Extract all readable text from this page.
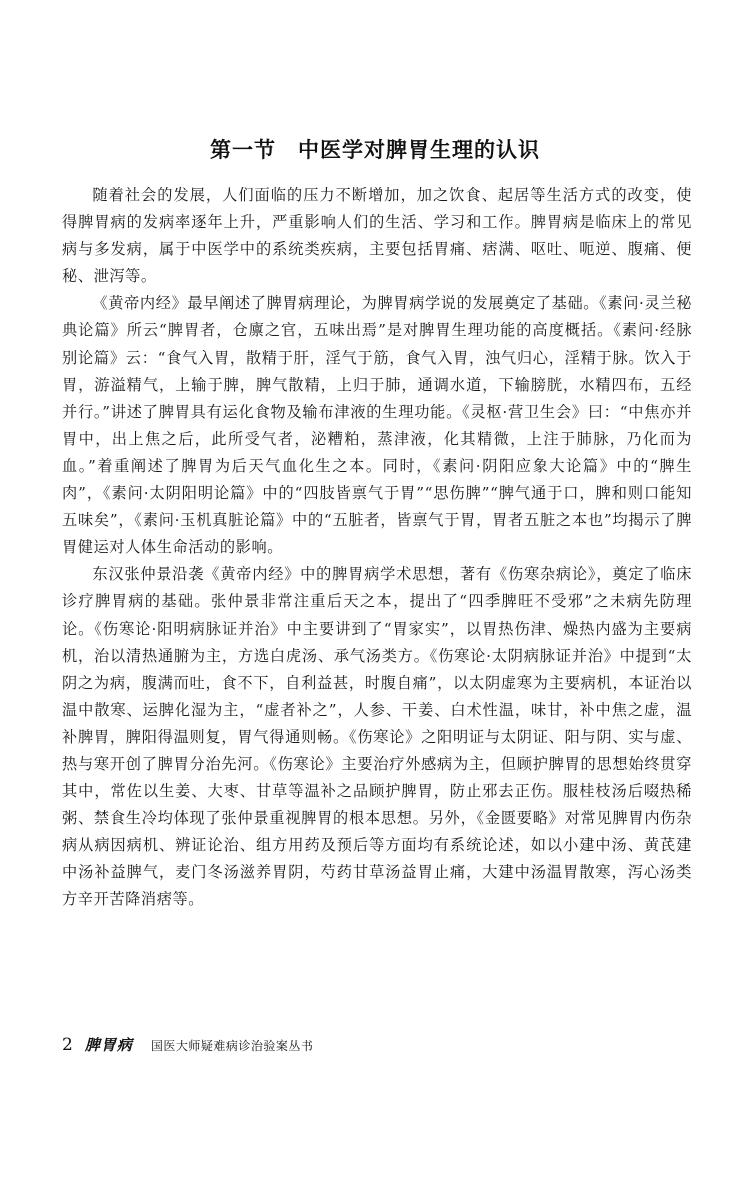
第一节 中医学对脾胃生理的认识

随着社会的发展，人们面临的压力不断增加，加之饮食、起居等生活方式的改变，使得脾胃病的发病率逐年上升，严重影响人们的生活、学习和工作。脾胃病是临床上的常见病与多发病，属于中医学中的系统类疾病，主要包括胃痛、痞满、呕吐、呃逆、腹痛、便秘、泄泻等。

《黄帝内经》最早阐述了脾胃病理论，为脾胃病学说的发展奠定了基础。《素问·灵兰秘典论篇》所云“脾胃者，仓廪之官，五味出焉”是对脾胃生理功能的高度概括。《素问·经脉别论篇》云：“食气入胃，散精于肝，淫气于筋，食气入胃，浊气归心，淫精于脉。饮入于胃，游溢精气，上输于脾，脾气散精，上归于肺，通调水道，下输膀胱，水精四布，五经并行。”讲述了脾胃具有运化食物及输布津液的生理功能。《灵枢·营卫生会》曰：“中焦亦并胃中，出上焦之后，此所受气者，泌糟粕，蒸津液，化其精微，上注于肺脉，乃化而为血。”着重阐述了脾胃为后天气血化生之本。同时，《素问·阴阳应象大论篇》中的“脾生肉”，《素问·太阴阳明论篇》中的“四肢皆禀气于胃”“思伤脾”“脾气通于口，脾和则口能知五味矣”，《素问·玉机真脏论篇》中的“五脏者，皆禀气于胃，胃者五脏之本也”均揭示了脾胃健运对人体生命活动的影响。

东汉张仲景沿袭《黄帝内经》中的脾胃病学术思想，著有《伤寒杂病论》，奠定了临床诊疗脾胃病的基础。张仲景非常注重后天之本，提出了“四季脾旺不受邪”之未病先防理论。《伤寒论·阳明病脉证并治》中主要讲到了“胃家实”，以胃热伤津、燥热内盛为主要病机，治以清热通腑为主，方选白虎汤、承气汤类方。《伤寒论·太阴病脉证并治》中提到“太阴之为病，腹满而吐，食不下，自利益甚，时腹自痛”，以太阴虚寒为主要病机，本证治以温中散寒、运脾化湿为主，“虚者补之”，人参、干姜、白术性温，味甘，补中焦之虚，温补脾胃，脾阳得温则复，胃气得通则畅。《伤寒论》之阳明证与太阴证、阳与阴、实与虚、热与寒开创了脾胃分治先河。《伤寒论》主要治疗外感病为主，但顾护脾胃的思想始终贯穿其中，常佐以生姜、大枣、甘草等温补之品顾护脾胃，防止邪去正伤。服桂枝汤后啜热稀粥、禁食生冷均体现了张仲景重视脾胃的根本思想。另外，《金匮要略》对常见脾胃内伤杂病从病因病机、辨证论治、组方用药及预后等方面均有系统论述，如以小建中汤、黄芪建中汤补益脾气，麦门冬汤滋养胃阴，芍药甘草汤益胃止痛，大建中汤温胃散寒，泻心汤类方辛开苦降消痞等。

2 脾胃病 国医大师疑难病诊治验案丛书
